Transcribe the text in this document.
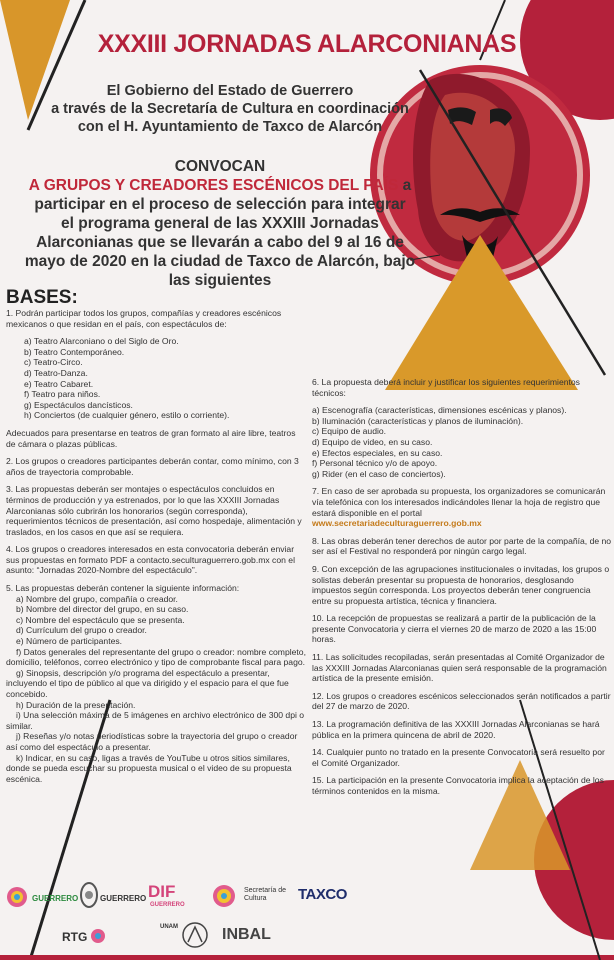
XXXIII JORNADAS ALARCONIANAS
El Gobierno del Estado de Guerrero
a través de la Secretaría de Cultura en coordinación
con el H. Ayuntamiento de Taxco de Alarcón
CONVOCAN
A GRUPOS Y CREADORES ESCÉNICOS DEL PAÍS a
participar en el proceso de selección para integrar
el programa general de las XXXIII Jornadas
Alarconianas que se llevarán a cabo del 9 al 16 de
mayo de 2020 en la ciudad de Taxco de Alarcón, bajo
las siguientes
BASES:

1. Podrán participar todos los grupos, compañías y creadores escénicos mexicanos o que residan en el país, con espectáculos de:

a) Teatro Alarconiano o del Siglo de Oro.
b) Teatro Contemporáneo.
c) Teatro-Circo.
d) Teatro-Danza.
e) Teatro Cabaret.
f) Teatro para niños.
g) Espectáculos dancísticos.
h) Conciertos (de cualquier género, estilo o corriente).

Adecuados para presentarse en teatros de gran formato al aire libre, teatros de cámara o plazas públicas.

2. Los grupos o creadores participantes deberán contar, como mínimo, con 3 años de trayectoria comprobable.

3. Las propuestas deberán ser montajes o espectáculos concluidos en términos de producción y ya estrenados, por lo que las XXXIII Jornadas Alarconianas sólo cubrirán los honorarios (según corresponda), requerimientos técnicos de presentación, así como hospedaje, alimentación y traslados, en los casos en que así se requiera.

4. Los grupos o creadores interesados en esta convocatoria deberán enviar sus propuestas en formato PDF a contacto.seculturaguerrero.gob.mx con el asunto: “Jornadas 2020-Nombre del espectáculo”.

5. Las propuestas deberán contener la siguiente información:

a) Nombre del grupo, compañía o creador.
b) Nombre del director del grupo, en su caso.
c) Nombre del espectáculo que se presenta.
d) Currículum del grupo o creador.
e) Número de participantes.
f) Datos generales del representante del grupo o creador: nombre completo, domicilio, teléfonos, correo electrónico y tipo de comprobante fiscal para pago.
g) Sinopsis, descripción y/o programa del espectáculo a presentar, incluyendo el tipo de público al que va dirigido y el espacio para el que fue concebido.
h) Duración de la presentación.
i) Una selección máxima de 5 imágenes en archivo electrónico de 300 dpi o similar.
j) Reseñas y/o notas periodísticas sobre la trayectoria del grupo o creador así como del espectáculo a presentar.
k) Indicar, en su caso, ligas a través de YouTube u otros sitios similares, donde se pueda escuchar su propuesta musical o el video de su propuesta escénica.

6. La propuesta deberá incluir y justificar los siguientes requerimientos técnicos:

a) Escenografía (características, dimensiones escénicas y planos).
b) Iluminación (características y planos de iluminación).
c) Equipo de audio.
d) Equipo de video, en su caso.
e) Efectos especiales, en su caso.
f) Personal técnico y/o de apoyo.
g) Rider (en el caso de conciertos).

7. En caso de ser aprobada su propuesta, los organizadores se comunicarán vía telefónica con los interesados indicándoles llenar la hoja de registro que estará disponible en el portal
www.secretariadeculturaguerrero.gob.mx

8. Las obras deberán tener derechos de autor por parte de la compañía, de no ser así el Festival no responderá por ningún cargo legal.

9. Con excepción de las agrupaciones institucionales o invitadas, los grupos o solistas deberán presentar su propuesta de honorarios, desglosando impuestos según corresponda. Los proyectos deberán tener congruencia entre su propuesta artística, técnica y financiera.

10. La recepción de propuestas se realizará a partir de la publicación de la presente Convocatoria y cierra el viernes 20 de marzo de 2020 a las 15:00 horas.

11. Las solicitudes recopiladas, serán presentadas al Comité Organizador de las XXXIII Jornadas Alarconianas quien será responsable de la programación artística de la presente emisión.

12. Los grupos o creadores escénicos seleccionados serán notificados a partir del 27 de marzo de 2020.

13. La programación definitiva de las XXXIII Jornadas Alarconianas se hará pública en la primera quincena de abril de 2020.

14. Cualquier punto no tratado en la presente Convocatoria será resuelto por el Comité Organizador.

15. La participación en la presente Convocatoria implica la aceptación de los términos contenidos en la misma.

GUERRERO	GUERRERO DIF
GUERRERO
Secretaría de Cultura	TAXCO
RTG
UNAM	INBAL
